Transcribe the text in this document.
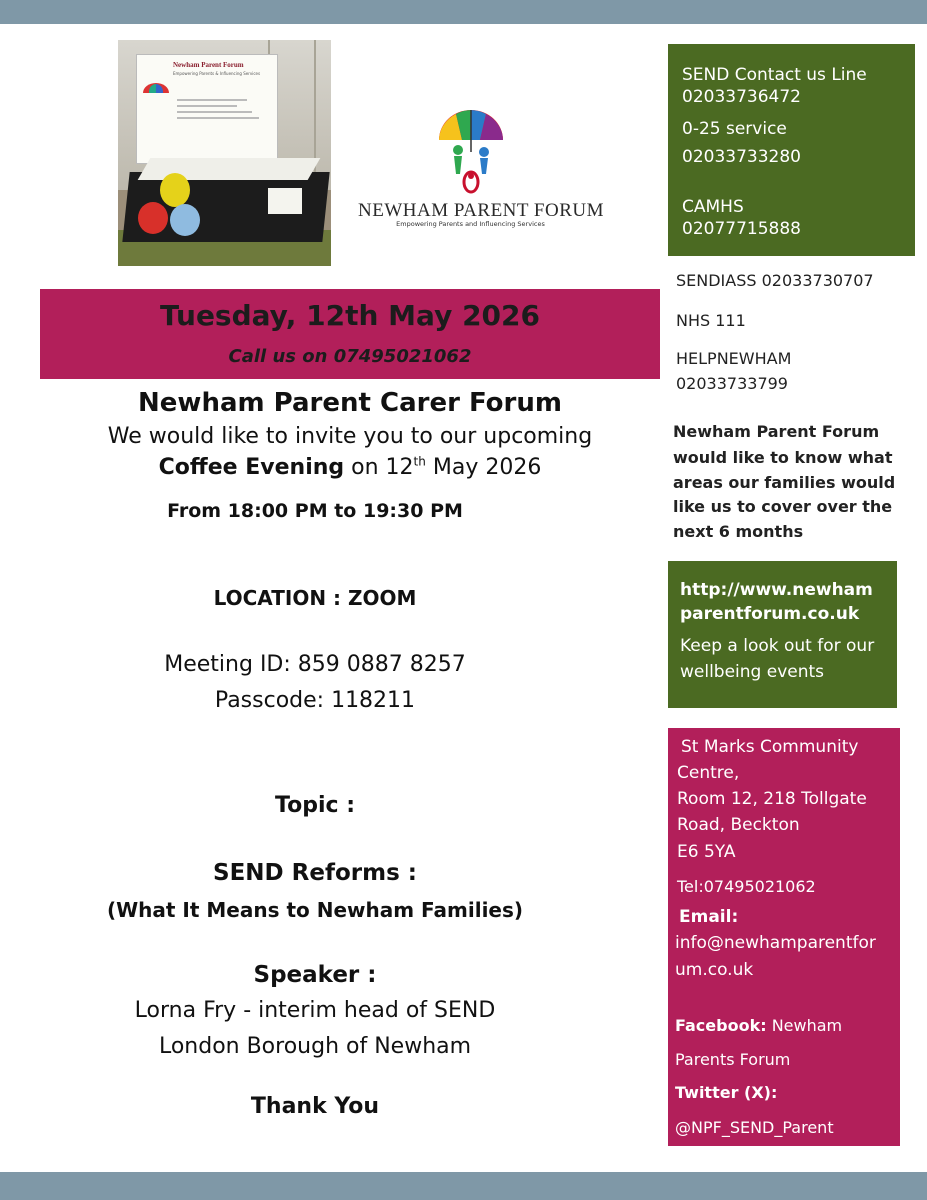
Newham Parent Forum
Empowering Parents & Influencing Services
NEWHAM PARENT FORUM
Empowering Parents and Influencing Services
Tuesday, 12th May 2026
Call us on 07495021062
Newham Parent Carer Forum
We would like to invite you to our upcoming
Coffee Evening on 12th May 2026
From 18:00 PM to 19:30 PM
LOCATION : ZOOM
Meeting ID: 859 0887 8257
Passcode: 118211
Topic :
SEND Reforms :
(What It Means to Newham Families)
Speaker :
Lorna Fry - interim head of SEND
London Borough of Newham
Thank You
SEND Contact us Line
02033736472
0-25 service
02033733280
CAMHS
02077715888
SENDIASS 02033730707
NHS 111
HELPNEWHAM
02033733799
Newham Parent Forum
would like to know what
areas our families would
like us to cover over the
next 6 months
http://www.newham
parentforum.co.uk
Keep a look out for our
wellbeing events
St Marks Community
Centre,
Room 12, 218 Tollgate
Road, Beckton
E6 5YA
Tel:07495021062
Email:
info@newhamparentfor
um.co.uk
Facebook: Newham
Parents Forum
Twitter (X):
@NPF_SEND_Parent
